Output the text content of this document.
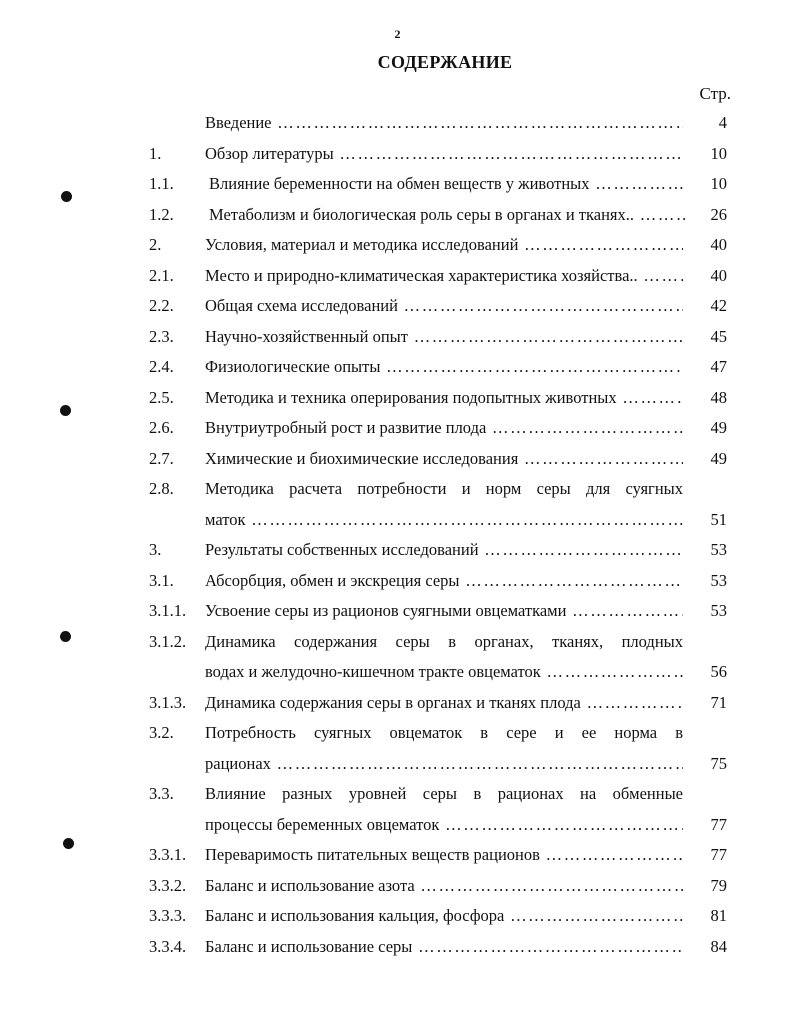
2
СОДЕРЖАНИЕ
Стр.
Введение ………………………………………………………………………………………………………………………………	4
1.	Обзор литературы ………………………………………………………………………………………………………………………………	10
1.1. Влияние беременности на обмен веществ у животных ………………………………………………………………………………………………………………………………	10
1.2. Метаболизм и биологическая роль серы в органах и тканях.. ………………………………………………………………………………………………………………………………	26
2.	Условия, материал и методика исследований ………………………………………………………………………………………………………………………………	40
2.1. Место и природно-климатическая характеристика хозяйства.. ………………………………………………………………………………………………………………………………	40
2.2. Общая схема исследований ………………………………………………………………………………………………………………………………	42
2.3. Научно-хозяйственный опыт ………………………………………………………………………………………………………………………………	45
2.4. Физиологические опыты ………………………………………………………………………………………………………………………………	47
2.5. Методика и техника оперирования подопытных животных ………………………………………………………………………………………………………………………………	48
2.6. Внутриутробный рост и развитие плода ………………………………………………………………………………………………………………………………	49
2.7. Химические и биохимические исследования ………………………………………………………………………………………………………………………………	49
2.8. Методика расчета потребности и норм серы для суягных
маток ………………………………………………………………………………………………………………………………	51
3.	Результаты собственных исследований ………………………………………………………………………………………………………………………………	53
3.1. Абсорбция, обмен и экскреция серы ………………………………………………………………………………………………………………………………	53
3.1.1. Усвоение серы из рационов суягными овцематками ………………………………………………………………………………………………………………………………	53
3.1.2. Динамика содержания серы в органах, тканях, плодных
водах и желудочно-кишечном тракте овцематок ………………………………………………………………………………………………………………………………	56
3.1.3. Динамика содержания серы в органах и тканях плода ………………………………………………………………………………………………………………………………	71
3.2. Потребность суягных овцематок в сере и ее норма в
рационах ………………………………………………………………………………………………………………………………	75
3.3. Влияние разных уровней серы в рационах на обменные
процессы беременных овцематок ………………………………………………………………………………………………………………………………	77
3.3.1. Переваримость питательных веществ рационов ………………………………………………………………………………………………………………………………	77
3.3.2. Баланс и использование азота ………………………………………………………………………………………………………………………………	79
3.3.3. Баланс и использования кальция, фосфора ………………………………………………………………………………………………………………………………	81
3.3.4. Баланс и использование серы ………………………………………………………………………………………………………………………………	84
